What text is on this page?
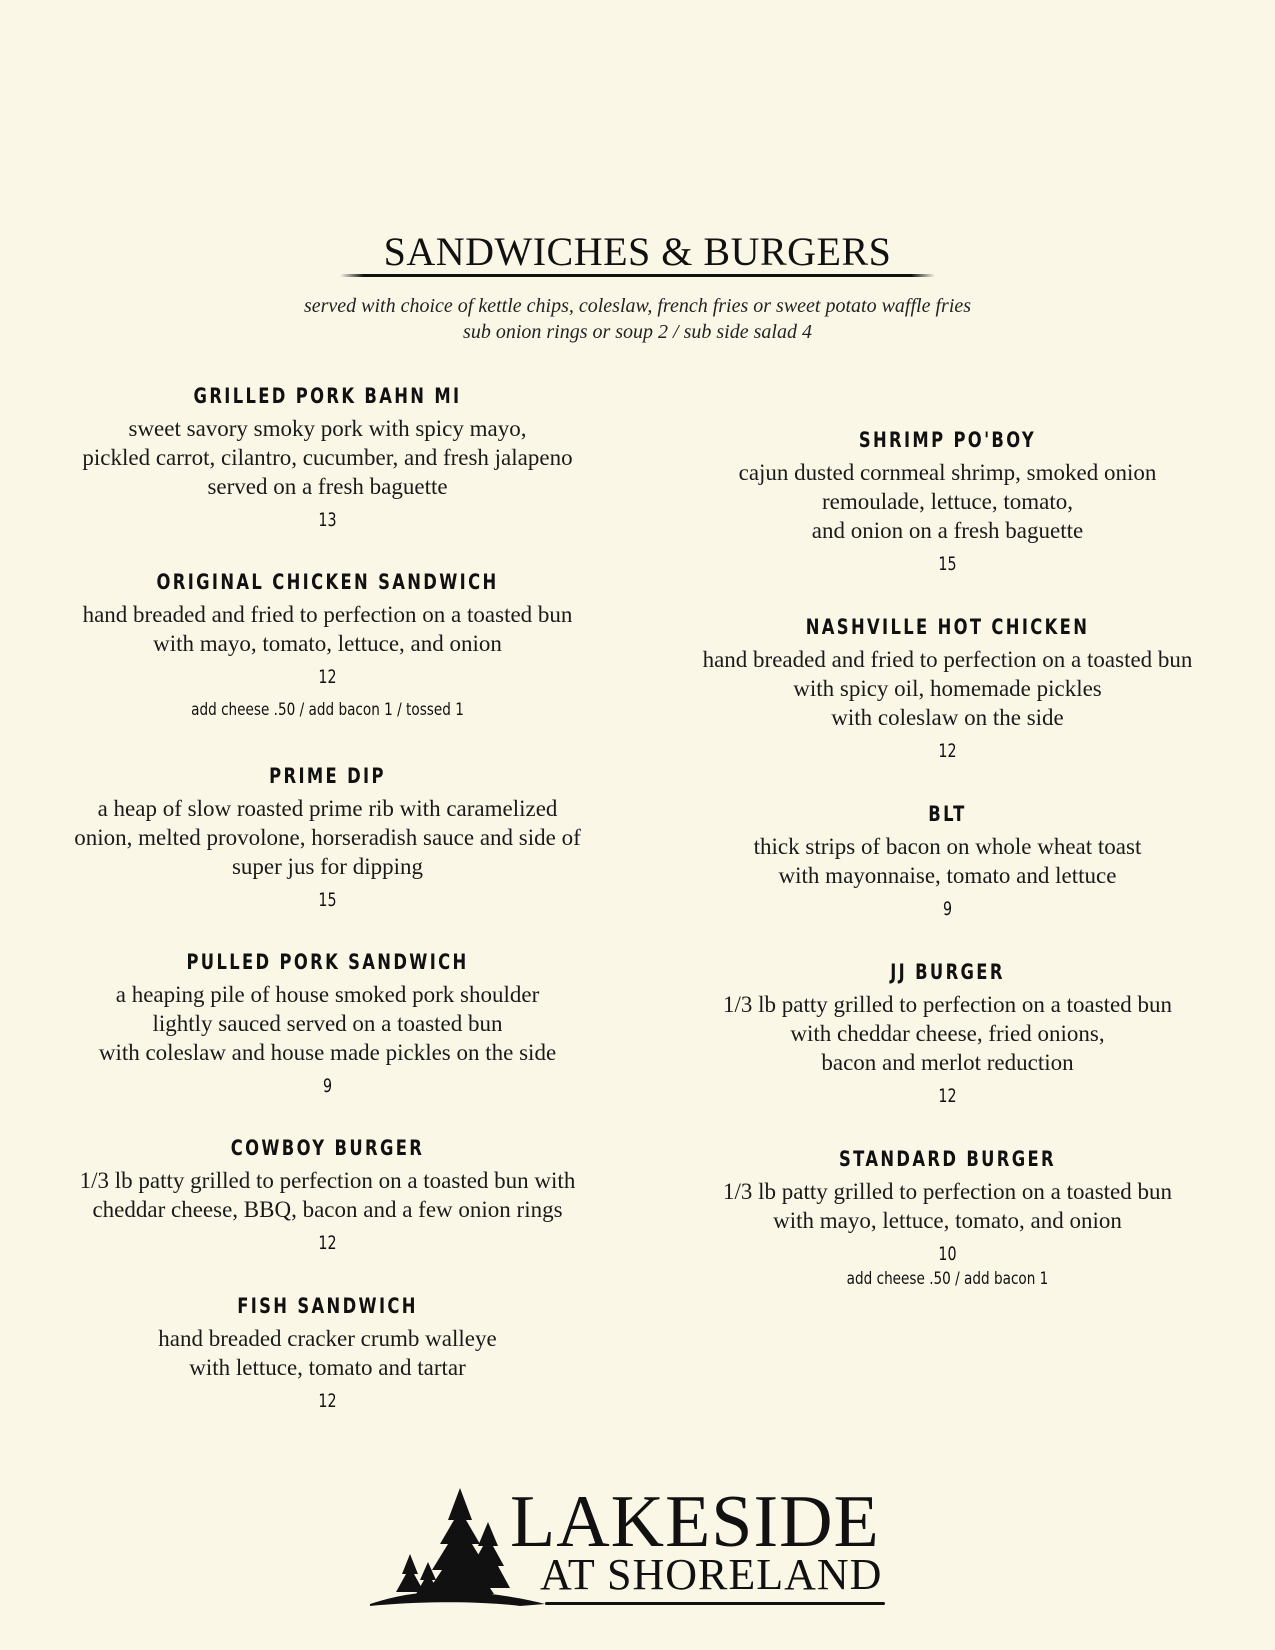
SANDWICHES & BURGERS
served with choice of kettle chips, coleslaw, french fries or sweet potato waffle fries
sub onion rings or soup 2 / sub side salad 4
GRILLED PORK BAHN MI
sweet savory smoky pork with spicy mayo,
pickled carrot, cilantro, cucumber, and fresh jalapeno
served on a fresh baguette
13
ORIGINAL CHICKEN SANDWICH
hand breaded and fried to perfection on a toasted bun
with mayo, tomato, lettuce, and onion
12
add cheese .50 / add bacon 1 / tossed 1
PRIME DIP
a heap of slow roasted prime rib with caramelized
onion, melted provolone, horseradish sauce and side of
super jus for dipping
15
PULLED PORK SANDWICH
a heaping pile of house smoked pork shoulder
lightly sauced served on a toasted bun
with coleslaw and house made pickles on the side
9
COWBOY BURGER
1/3 lb patty grilled to perfection on a toasted bun with
cheddar cheese, BBQ, bacon and a few onion rings
12
FISH SANDWICH
hand breaded cracker crumb walleye
with lettuce, tomato and tartar
12
SHRIMP PO'BOY
cajun dusted cornmeal shrimp, smoked onion
remoulade, lettuce, tomato,
and onion on a fresh baguette
15
NASHVILLE HOT CHICKEN
hand breaded and fried to perfection on a toasted bun
with spicy oil, homemade pickles
with coleslaw on the side
12
BLT
thick strips of bacon on whole wheat toast
with mayonnaise, tomato and lettuce
9
JJ BURGER
1/3 lb patty grilled to perfection on a toasted bun
with cheddar cheese, fried onions,
bacon and merlot reduction
12
STANDARD BURGER
1/3 lb patty grilled to perfection on a toasted bun
with mayo, lettuce, tomato, and onion
10
add cheese .50 / add bacon 1
LAKESIDE
AT SHORELAND
